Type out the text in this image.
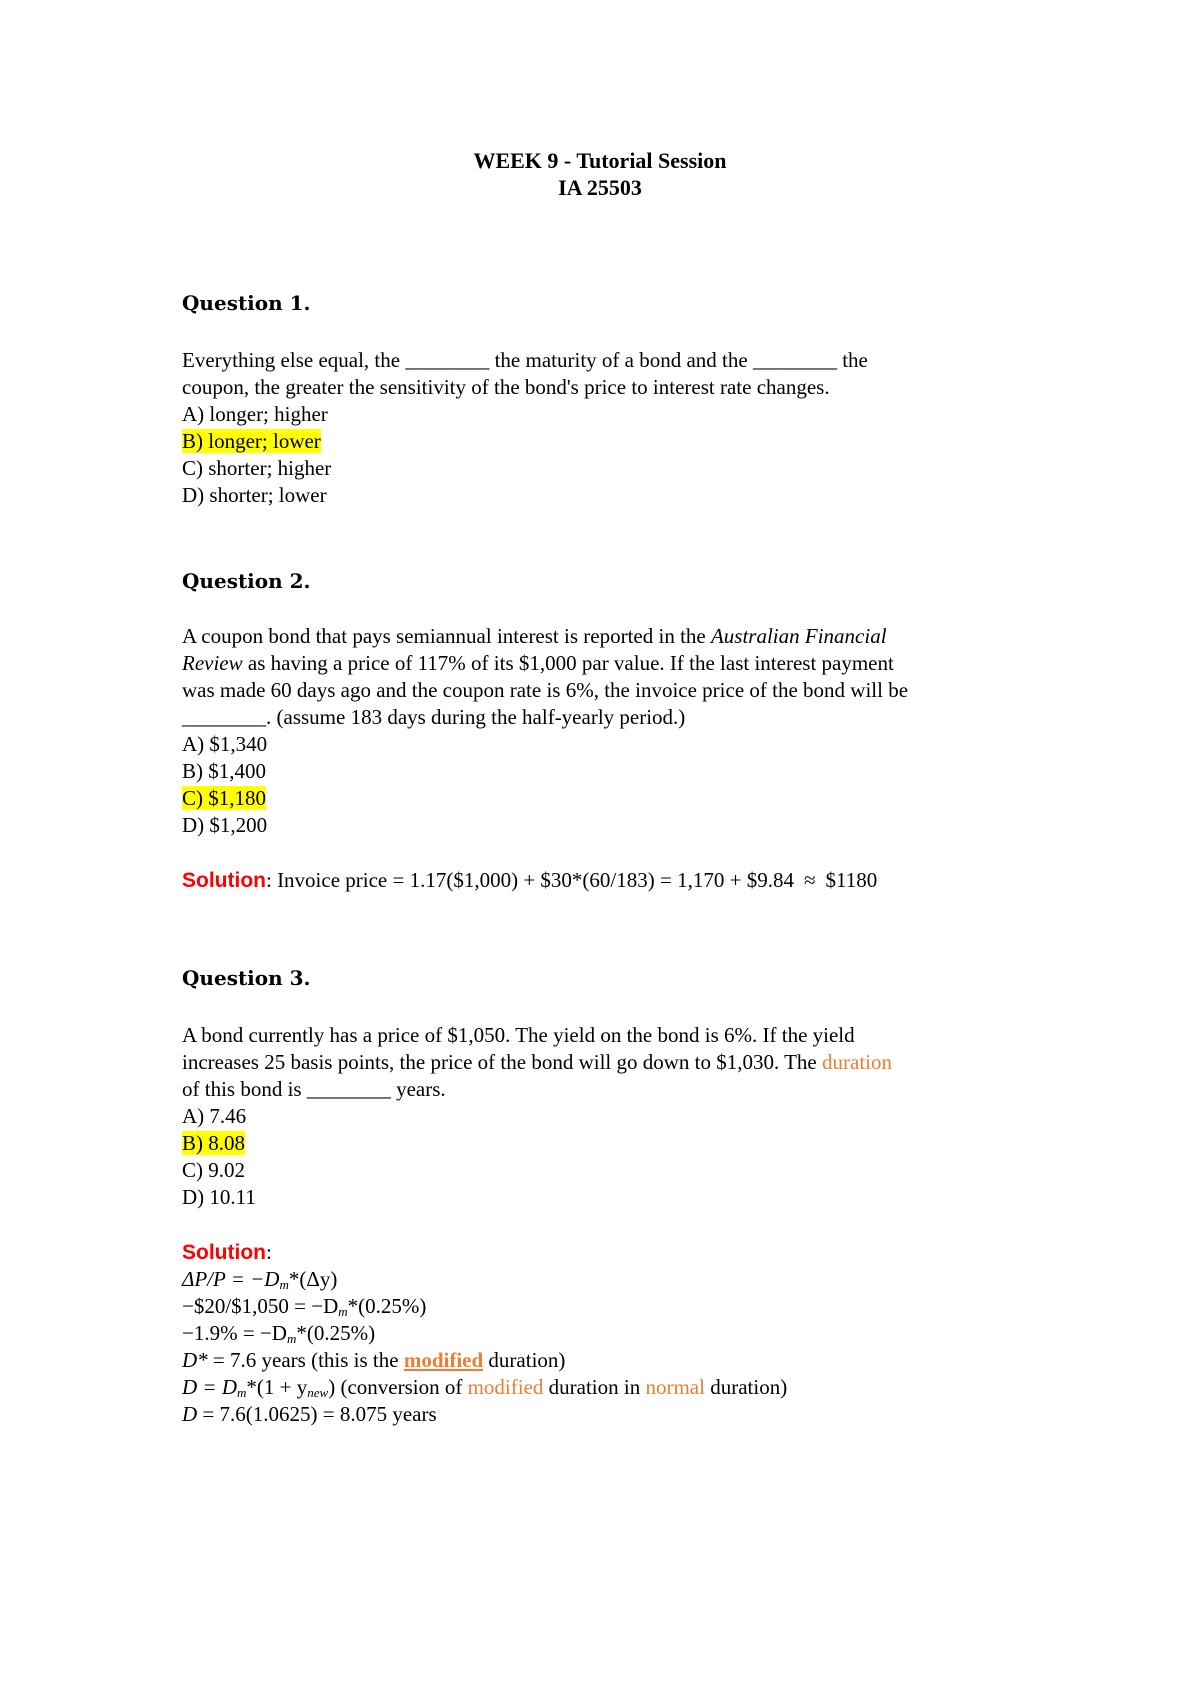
WEEK 9 - Tutorial Session
IA 25503
Question 1.
Everything else equal, the ________ the maturity of a bond and the ________ the
coupon, the greater the sensitivity of the bond's price to interest rate changes.
A) longer; higher
B) longer; lower
C) shorter; higher
D) shorter; lower
Question 2.
A coupon bond that pays semiannual interest is reported in the Australian Financial
Review as having a price of 117% of its $1,000 par value. If the last interest payment
was made 60 days ago and the coupon rate is 6%, the invoice price of the bond will be
________. (assume 183 days during the half-yearly period.)
A) $1,340
B) $1,400
C) $1,180
D) $1,200
Solution: Invoice price = 1.17($1,000) + $30*(60/183) = 1,170 + $9.84 ≈ $1180
Question 3.
A bond currently has a price of $1,050. The yield on the bond is 6%. If the yield
increases 25 basis points, the price of the bond will go down to $1,030. The duration
of this bond is ________ years.
A) 7.46
B) 8.08
C) 9.02
D) 10.11
Solution:
$\Delta P/P = -D_m*(\Delta y)$
−$20/$1,050 = $-D_m*(0.25\%)$
$-1.9\% = -D_m*(0.25\%)$
D* = 7.6 years (this is the modified duration)
$D = D_m*(1 + y_{new})$ (conversion of modified duration in normal duration)
D = 7.6(1.0625) = 8.075 years
